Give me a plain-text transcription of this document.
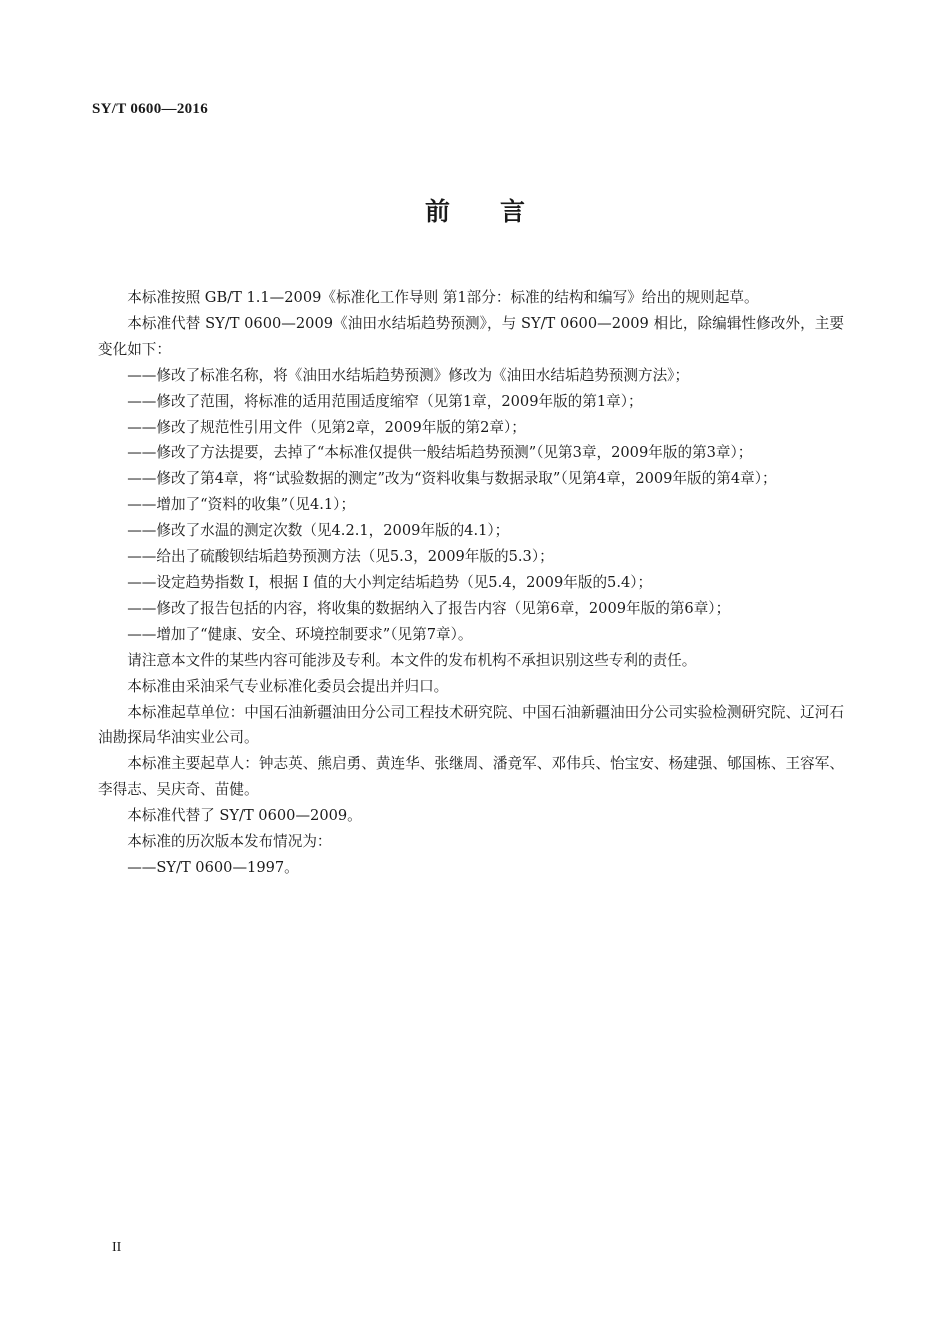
SY/T 0600—2016
前 言

本标准按照 GB/T 1.1—2009《标准化工作导则 第1部分：标准的结构和编写》给出的规则起草。

本标准代替 SY/T 0600—2009《油田水结垢趋势预测》，与 SY/T 0600—2009 相比，除编辑性修改外，主要变化如下：

——修改了标准名称，将《油田水结垢趋势预测》修改为《油田水结垢趋势预测方法》；

——修改了范围，将标准的适用范围适度缩窄（见第1章，2009年版的第1章）；

——修改了规范性引用文件（见第2章，2009年版的第2章）；

——修改了方法提要，去掉了“本标准仅提供一般结垢趋势预测”（见第3章，2009年版的第3章）；

——修改了第4章，将“试验数据的测定”改为“资料收集与数据录取”（见第4章，2009年版的第4章）；

——增加了“资料的收集”（见4.1）；

——修改了水温的测定次数（见4.2.1，2009年版的4.1）；

——给出了硫酸钡结垢趋势预测方法（见5.3，2009年版的5.3）；

——设定趋势指数 I，根据 I 值的大小判定结垢趋势（见5.4，2009年版的5.4）；

——修改了报告包括的内容，将收集的数据纳入了报告内容（见第6章，2009年版的第6章）；

——增加了“健康、安全、环境控制要求”（见第7章）。

请注意本文件的某些内容可能涉及专利。本文件的发布机构不承担识别这些专利的责任。

本标准由采油采气专业标准化委员会提出并归口。

本标准起草单位：中国石油新疆油田分公司工程技术研究院、中国石油新疆油田分公司实验检测研究院、辽河石油勘探局华油实业公司。

本标准主要起草人：钟志英、熊启勇、黄连华、张继周、潘竟军、邓伟兵、怡宝安、杨建强、郇国栋、王容军、李得志、吴庆奇、苗健。

本标准代替了 SY/T 0600—2009。

本标准的历次版本发布情况为：

——SY/T 0600—1997。

II
